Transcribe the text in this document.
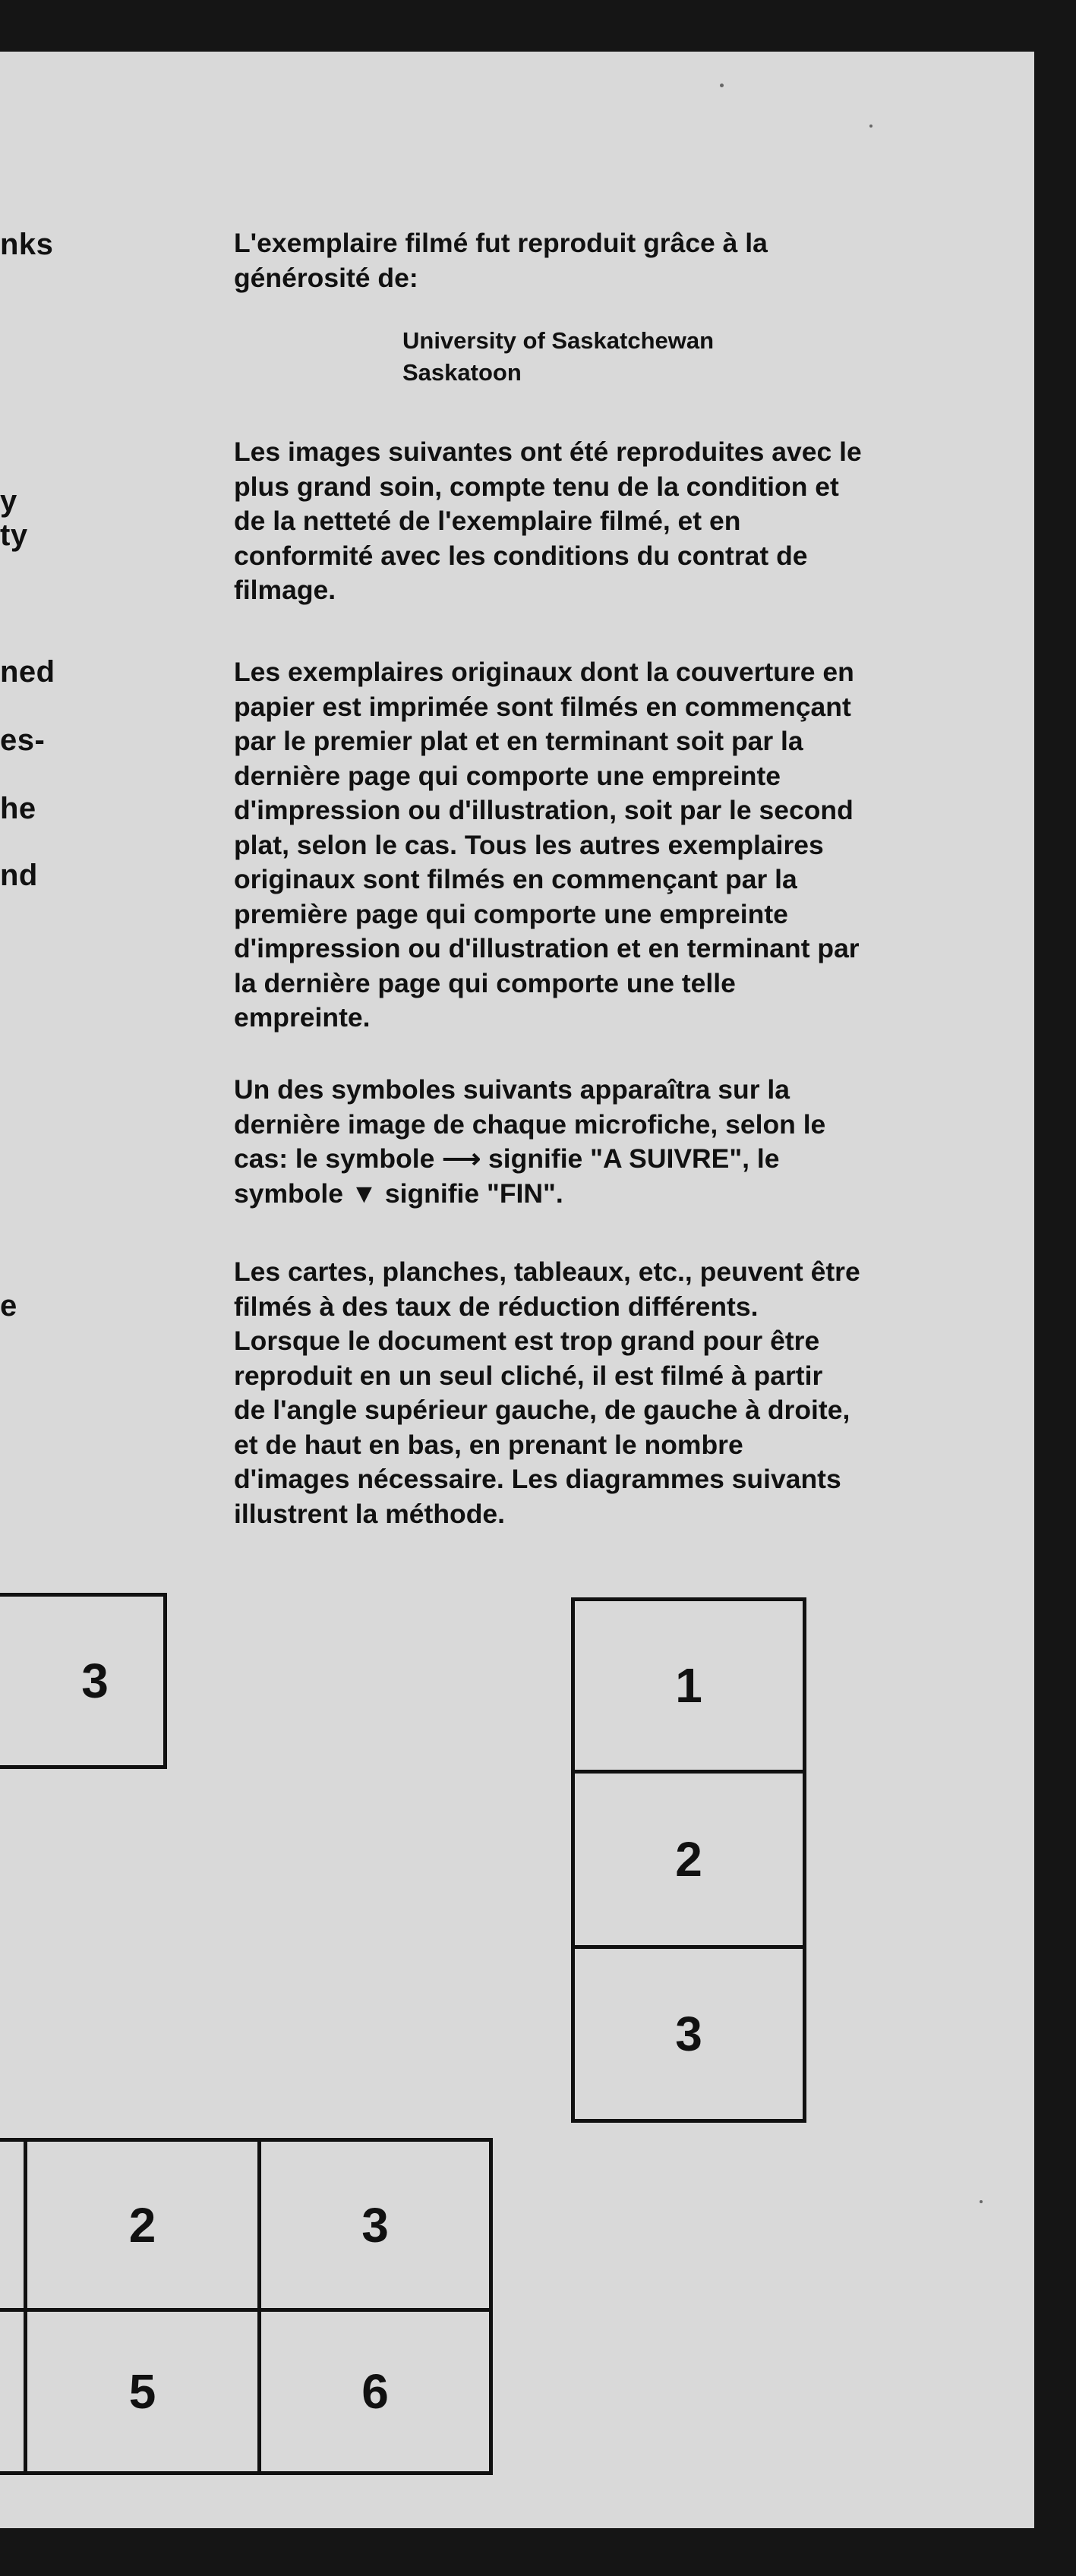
nks
y
ty
ned
es-
he
nd
e

L'exemplaire filmé fut reproduit grâce à la
générosité de:

University of Saskatchewan
Saskatoon

Les images suivantes ont été reproduites avec le
plus grand soin, compte tenu de la condition et
de la netteté de l'exemplaire filmé, et en
conformité avec les conditions du contrat de
filmage.

Les exemplaires originaux dont la couverture en
papier est imprimée sont filmés en commençant
par le premier plat et en terminant soit par la
dernière page qui comporte une empreinte
d'impression ou d'illustration, soit par le second
plat, selon le cas. Tous les autres exemplaires
originaux sont filmés en commençant par la
première page qui comporte une empreinte
d'impression ou d'illustration et en terminant par
la dernière page qui comporte une telle
empreinte.

Un des symboles suivants apparaîtra sur la
dernière image de chaque microfiche, selon le
cas: le symbole ⟶ signifie "A SUIVRE", le
symbole ▼ signifie "FIN".

Les cartes, planches, tableaux, etc., peuvent être
filmés à des taux de réduction différents.
Lorsque le document est trop grand pour être
reproduit en un seul cliché, il est filmé à partir
de l'angle supérieur gauche, de gauche à droite,
et de haut en bas, en prenant le nombre
d'images nécessaire. Les diagrammes suivants
illustrent la méthode.

3	1
2
3
2	3
5	6
